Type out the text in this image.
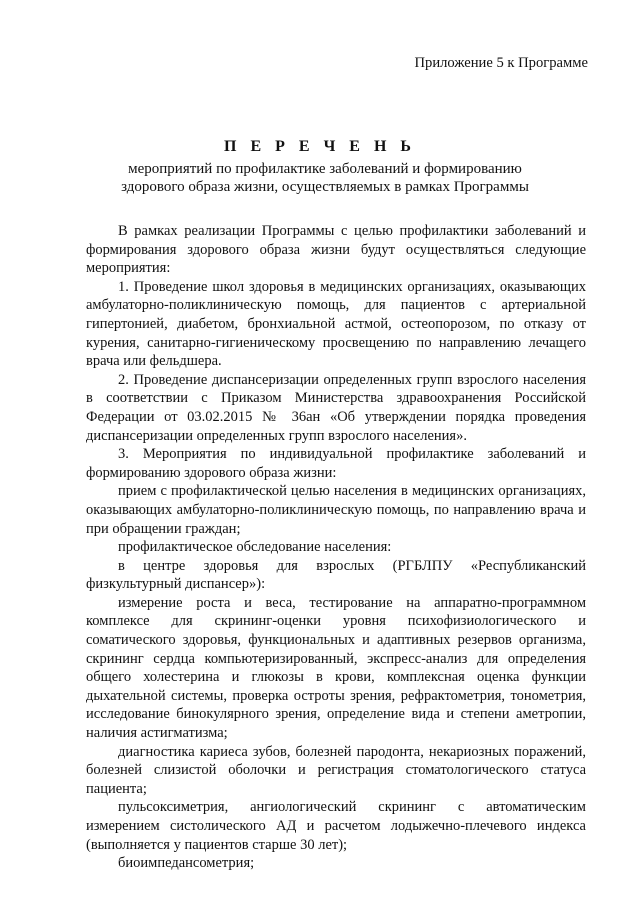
Приложение 5 к Программе
П Е Р Е Ч Е Н Ь
мероприятий по профилактике заболеваний и формированию здорового образа жизни, осуществляемых в рамках Программы

В рамках реализации Программы с целью профилактики заболеваний и формирования здорового образа жизни будут осуществляться следующие мероприятия:

1. Проведение школ здоровья в медицинских организациях, оказывающих амбулаторно-поликлиническую помощь, для пациентов с артериальной гипертонией, диабетом, бронхиальной астмой, остеопорозом, по отказу от курения, санитарно-гигиеническому просвещению по направлению лечащего врача или фельдшера.

2. Проведение диспансеризации определенных групп взрослого населения в соответствии с Приказом Министерства здравоохранения Российской Федерации от 03.02.2015 № 36ан «Об утверждении порядка проведения диспансеризации определенных групп взрослого населения».

3. Мероприятия по индивидуальной профилактике заболеваний и формированию здорового образа жизни:

прием с профилактической целью населения в медицинских организациях, оказывающих амбулаторно-поликлиническую помощь, по направлению врача и при обращении граждан;

профилактическое обследование населения:

в центре здоровья для взрослых (РГБЛПУ «Республиканский физкультурный диспансер»):

измерение роста и веса, тестирование на аппаратно-программном комплексе для скрининг-оценки уровня психофизиологического и соматического здоровья, функциональных и адаптивных резервов организма, скрининг сердца компьютеризированный, экспресс-анализ для определения общего холестерина и глюкозы в крови, комплексная оценка функции дыхательной системы, проверка остроты зрения, рефрактометрия, тонометрия, исследование бинокулярного зрения, определение вида и степени аметропии, наличия астигматизма;

диагностика кариеса зубов, болезней пародонта, некариозных поражений, болезней слизистой оболочки и регистрация стоматологического статуса пациента;

пульсоксиметрия, ангиологический скрининг с автоматическим измерением систолического АД и расчетом лодыжечно-плечевого индекса (выполняется у пациентов старше 30 лет);

биоимпедансометрия;
